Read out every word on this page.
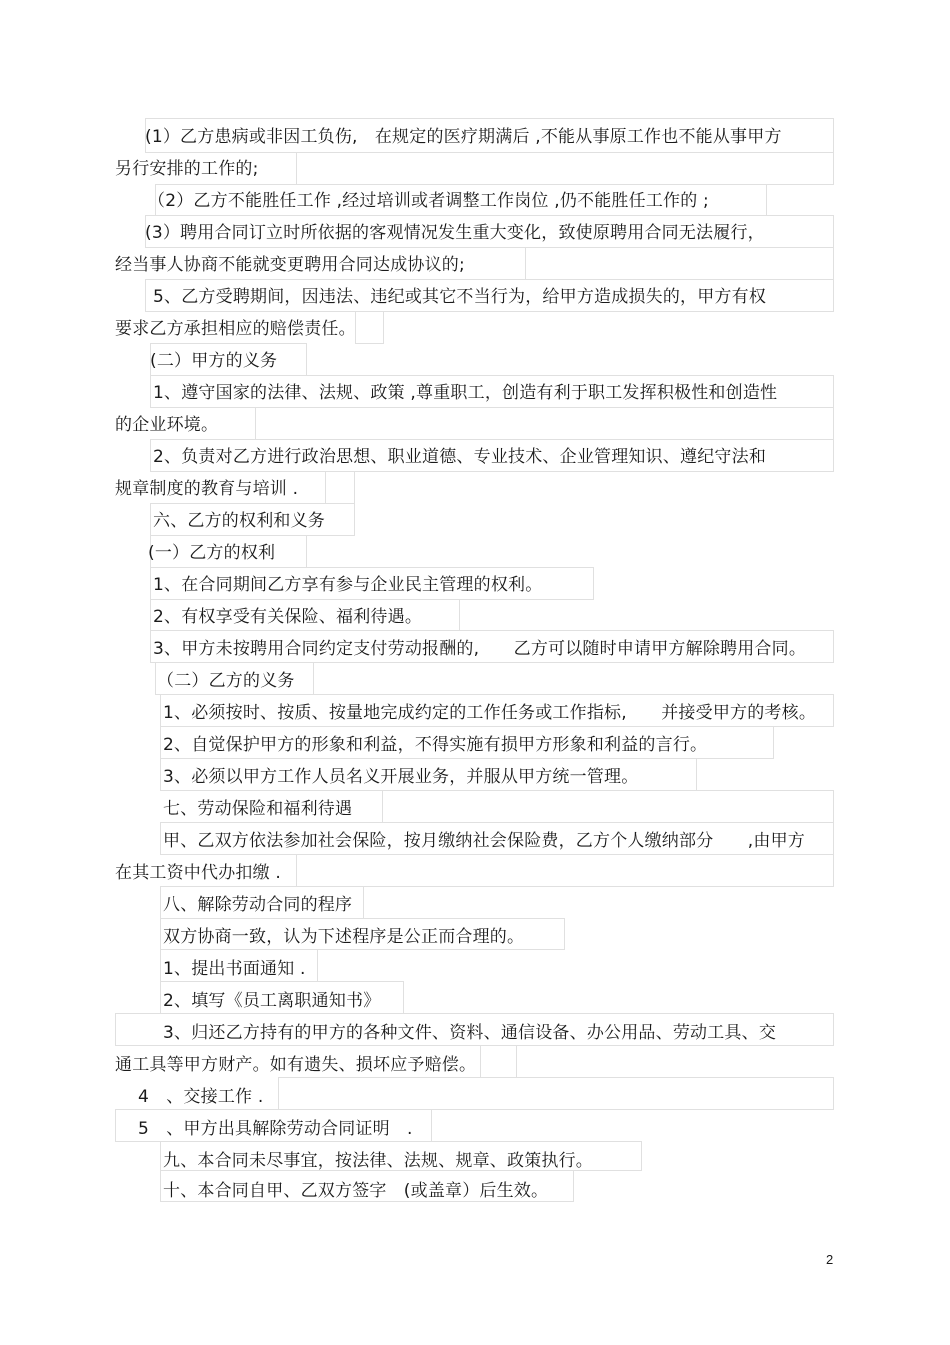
(1）乙方患病或非因工负伤,　在规定的医疗期满后 ,不能从事原工作也不能从事甲方
另行安排的工作的;
（2）乙方不能胜任工作 ,经过培训或者调整工作岗位 ,仍不能胜任工作的 ;
(3）聘用合同订立时所依据的客观情况发生重大变化，致使原聘用合同无法履行，
经当事人协商不能就变更聘用合同达成协议的;
5、乙方受聘期间，因违法、违纪或其它不当行为，给甲方造成损失的，甲方有权
要求乙方承担相应的赔偿责任。
(二）甲方的义务
1、遵守国家的法律、法规、政策 ,尊重职工，创造有利于职工发挥积极性和创造性
的企业环境。
2、负责对乙方进行政治思想、职业道德、专业技术、企业管理知识、遵纪守法和
规章制度的教育与培训 .
六、乙方的权利和义务
(一）乙方的权利
1、在合同期间乙方享有参与企业民主管理的权利。
2、有权享受有关保险、福利待遇。
3、甲方未按聘用合同约定支付劳动报酬的,　　乙方可以随时申请甲方解除聘用合同。
（二）乙方的义务
1、必须按时、按质、按量地完成约定的工作任务或工作指标,　　并接受甲方的考核。
2、自觉保护甲方的形象和利益，不得实施有损甲方形象和利益的言行。
3、必须以甲方工作人员名义开展业务，并服从甲方统一管理。
七、劳动保险和福利待遇
甲、乙双方依法参加社会保险，按月缴纳社会保险费，乙方个人缴纳部分　　,由甲方
在其工资中代办扣缴 .
八、解除劳动合同的程序
双方协商一致，认为下述程序是公正而合理的。
1、提出书面通知 .
2、填写《员工离职通知书》
3、归还乙方持有的甲方的各种文件、资料、通信设备、办公用品、劳动工具、交
通工具等甲方财产。如有遗失、损坏应予赔偿。
4　、交接工作 .
5　、甲方出具解除劳动合同证明　.
九、本合同未尽事宜，按法律、法规、规章、政策执行。
十、本合同自甲、乙双方签字　(或盖章）后生效。
2
